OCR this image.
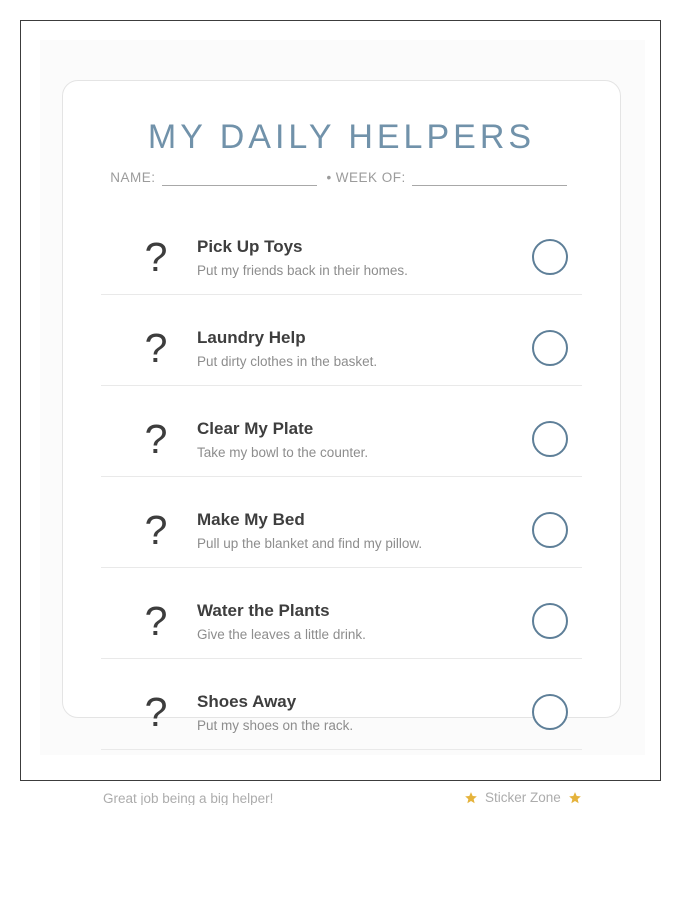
MY DAILY HELPERS
NAME:	• WEEK OF:
?	Pick Up Toys
Put my friends back in their homes.
?	Laundry Help
Put dirty clothes in the basket.
?	Clear My Plate
Take my bowl to the counter.
?	Make My Bed
Pull up the blanket and find my pillow.
?	Water the Plants
Give the leaves a little drink.
?	Shoes Away
Put my shoes on the rack.
Great job being a big helper!	Sticker Zone
